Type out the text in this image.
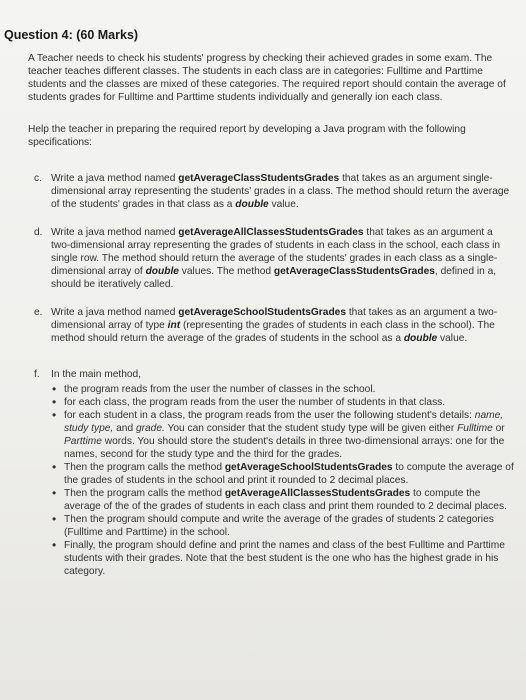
Question 4: (60 Marks)
A Teacher needs to check his students' progress by checking their achieved grades in some exam. The teacher teaches different classes. The students in each class are in categories: Fulltime and Parttime students and the classes are mixed of these categories. The required report should contain the average of students grades for Fulltime and Parttime students individually and generally ion each class.
Help the teacher in preparing the required report by developing a Java program with the following specifications:
c. Write a java method named getAverageClassStudentsGrades that takes as an argument single-dimensional array representing the students' grades in a class. The method should return the average of the students' grades in that class as a double value.
d. Write a java method named getAverageAllClassesStudentsGrades that takes as an argument a two-dimensional array representing the grades of students in each class in the school, each class in single row. The method should return the average of the students' grades in each class as a single-dimensional array of double values. The method getAverageClassStudentsGrades, defined in a, should be iteratively called.
e. Write a java method named getAverageSchoolStudentsGrades that takes as an argument a two-dimensional array of type int (representing the grades of students in each class in the school). The method should return the average of the grades of students in the school as a double value.
f. In the main method,
• the program reads from the user the number of classes in the school.
• for each class, the program reads from the user the number of students in that class.
• for each student in a class, the program reads from the user the following student's details: name, study type, and grade. You can consider that the student study type will be given either Fulltime or Parttime words. You should store the student's details in three two-dimensional arrays: one for the names, second for the study type and the third for the grades.
• Then the program calls the method getAverageSchoolStudentsGrades to compute the average of the grades of students in the school and print it rounded to 2 decimal places.
• Then the program calls the method getAverageAllClassesStudentsGrades to compute the average of the of the grades of students in each class and print them rounded to 2 decimal places.
• Then the program should compute and write the average of the grades of students 2 categories (Fulltime and Parttime) in the school.
• Finally, the program should define and print the names and class of the best Fulltime and Parttime students with their grades. Note that the best student is the one who has the highest grade in his category.
